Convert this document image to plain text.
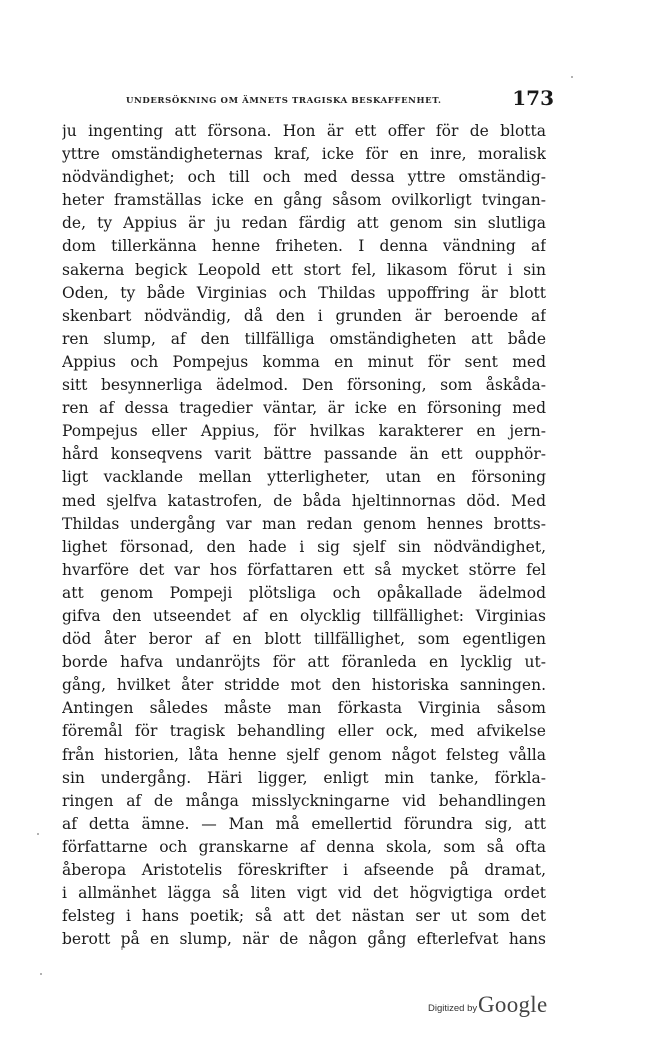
UNDERSÖKNING OM ÄMNETS TRAGISKA BESKAFFENHET.	173
ju ingenting att försona. Hon är ett offer för de blotta
yttre omständigheternas kraf, icke för en inre, moralisk
nödvändighet; och till och med dessa yttre omständig-
heter framställas icke en gång såsom ovilkorligt tvingan-
de, ty Appius är ju redan färdig att genom sin slutliga
dom tillerkänna henne friheten. I denna vändning af
sakerna begick Leopold ett stort fel, likasom förut i sin
Oden, ty både Virginias och Thildas uppoffring är blott
skenbart nödvändig, då den i grunden är beroende af
ren slump, af den tillfälliga omständigheten att både
Appius och Pompejus komma en minut för sent med
sitt besynnerliga ädelmod. Den försoning, som åskåda-
ren af dessa tragedier väntar, är icke en försoning med
Pompejus eller Appius, för hvilkas karakterer en jern-
hård konseqvens varit bättre passande än ett oupphör-
ligt vacklande mellan ytterligheter, utan en försoning
med sjelfva katastrofen, de båda hjeltinnornas död. Med
Thildas undergång var man redan genom hennes brotts-
lighet försonad, den hade i sig sjelf sin nödvändighet,
hvarföre det var hos författaren ett så mycket större fel
att genom Pompeji plötsliga och opåkallade ädelmod
gifva den utseendet af en olycklig tillfällighet: Virginias
död åter beror af en blott tillfällighet, som egentligen
borde hafva undanröjts för att föranleda en lycklig ut-
gång, hvilket åter stridde mot den historiska sanningen.
Antingen således måste man förkasta Virginia såsom
föremål för tragisk behandling eller ock, med afvikelse
från historien, låta henne sjelf genom något felsteg vålla
sin undergång. Häri ligger, enligt min tanke, förkla-
ringen af de många misslyckningarne vid behandlingen
af detta ämne. — Man må emellertid förundra sig, att
författarne och granskarne af denna skola, som så ofta
åberopa Aristotelis föreskrifter i afseende på dramat,
i allmänhet lägga så liten vigt vid det högvigtiga ordet
felsteg i hans poetik; så att det nästan ser ut som det
berott på en slump, när de någon gång efterlefvat hans
Digitized by Google
